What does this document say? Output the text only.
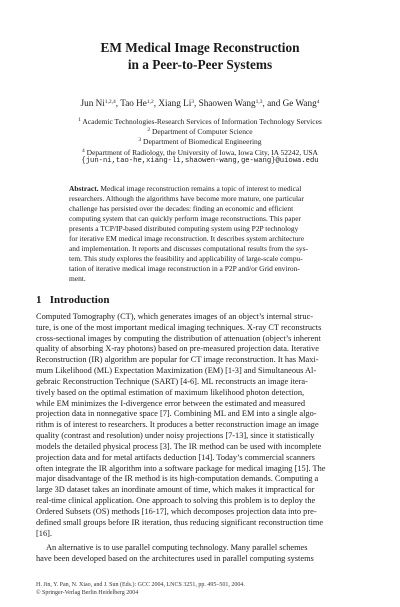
EM Medical Image Reconstruction
in a Peer-to-Peer Systems
Jun Ni$^{1,2,4}$, Tao He$^{1,2}$, Xiang Li$^3$, Shaowen Wang$^{1,3}$, and Ge Wang$^4$
$^1$ Academic Technologies-Research Services of Information Technology Services
$^2$ Department of Computer Science
$^3$ Department of Biomedical Engineering
$^4$ Department of Radiology, the University of Iowa, Iowa City, IA 52242, USA
{jun-ni,tao-he,xiang-li,shaowen-wang,ge-wang}@uiowa.edu
Abstract. Medical image reconstruction remains a topic of interest to medical
researchers. Although the algorithms have become more mature, one particular
challenge has persisted over the decades: finding an economic and efficient
computing system that can quickly perform image reconstructions. This paper
presents a TCP/IP-based distributed computing system using P2P technology
for iterative EM medical image reconstruction. It describes system architecture
and implementation. It reports and discusses computational results from the sys-
tem. This study explores the feasibility and applicability of large-scale compu-
tation of iterative medical image reconstruction in a P2P and/or Grid environ-
ment.
1 Introduction
Computed Tomography (CT), which generates images of an object’s internal struc-
ture, is one of the most important medical imaging techniques. X-ray CT reconstructs
cross-sectional images by computing the distribution of attenuation (object’s inherent
quality of absorbing X-ray photons) based on pre-measured projection data. Iterative
Reconstruction (IR) algorithm are popular for CT image reconstruction. It has Maxi-
mum Likelihood (ML) Expectation Maximization (EM) [1-3] and Simultaneous Al-
gebraic Reconstruction Technique (SART) [4-6]. ML reconstructs an image itera-
tively based on the optimal estimation of maximum likelihood photon detection,
while EM minimizes the I-divergence error between the estimated and measured
projection data in nonnegative space [7]. Combining ML and EM into a single algo-
rithm is of interest to researchers. It produces a better reconstruction image an image
quality (contrast and resolution) under noisy projections [7-13], since it statistically
models the detailed physical process [3]. The IR method can be used with incomplete
projection data and for metal artifacts deduction [14]. Today’s commercial scanners
often integrate the IR algorithm into a software package for medical imaging [15]. The
major disadvantage of the IR method is its high-computation demands. Computing a
large 3D dataset takes an inordinate amount of time, which makes it impractical for
real-time clinical application. One approach to solving this problem is to deploy the
Ordered Subsets (OS) methods [16-17], which decomposes projection data into pre-
defined small groups before IR iteration, thus reducing significant reconstruction time
[16].
An alternative is to use parallel computing technology. Many parallel schemes
have been developed based on the architectures used in parallel computing systems
H. Jin, Y. Pan, N. Xiao, and J. Sun (Eds.): GCC 2004, LNCS 3251, pp. 495–501, 2004.
© Springer-Verlag Berlin Heidelberg 2004
